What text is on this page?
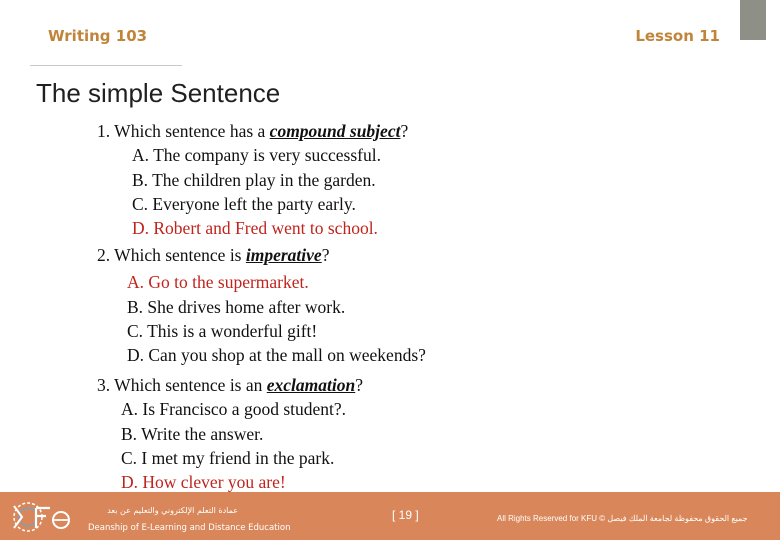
Writing 103	Lesson 11
The simple Sentence
1. Which sentence has a compound subject?
A. The company is very successful.
B. The children play in the garden.
C. Everyone left the party early.
D. Robert and Fred went to school.
2. Which sentence is imperative?
A. Go to the supermarket.
B. She drives home after work.
C. This is a wonderful gift!
D. Can you shop at the mall on weekends?
3. Which sentence is an exclamation?
A. Is Francisco a good student?.
B. Write the answer.
C. I met my friend in the park.
D. How clever you are!
عمادة التعلم الإلكتروني والتعليم عن بعد
Deanship of E-Learning and Distance Education
[ 19 ]	All Rights Reserved for KFU © جميع الحقوق محفوظة لجامعة الملك فيصل
